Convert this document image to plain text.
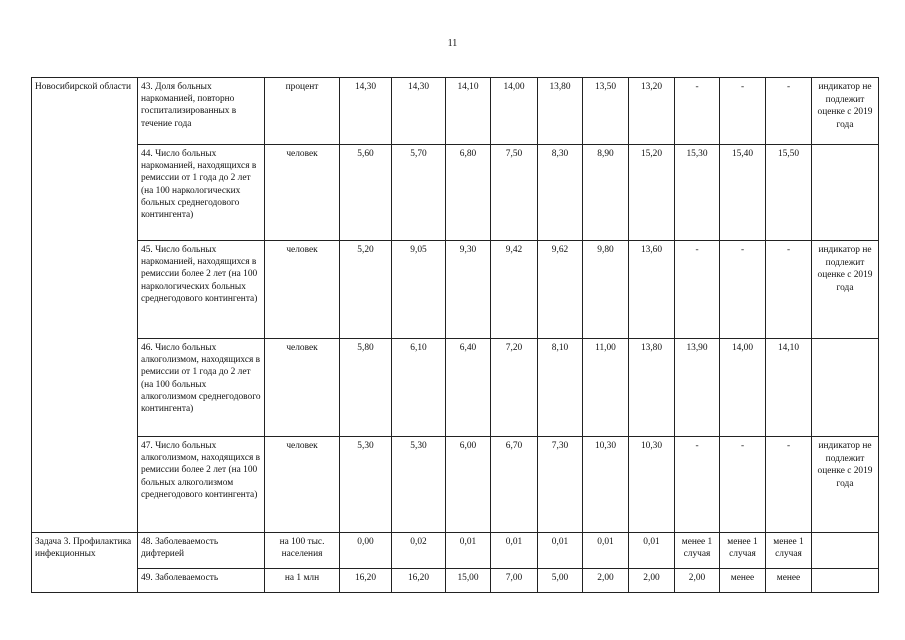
11
Новосибирской области	43. Доля больных наркоманией, повторно госпитализированных в течение года	процент	14,30	14,30	14,10	14,00	13,80	13,50	13,20	-	-	-	индикатор не подлежит оценке с 2019 года
	44. Число больных наркоманией, находящихся в ремиссии от 1 года до 2 лет (на 100 наркологических больных среднегодового контингента)	человек	5,60	5,70	6,80	7,50	8,30	8,90	15,20	15,30	15,40	15,50	
	45. Число больных наркоманией, находящихся в ремиссии более 2 лет (на 100 наркологических больных среднегодового контингента)	человек	5,20	9,05	9,30	9,42	9,62	9,80	13,60	-	-	-	индикатор не подлежит оценке с 2019 года
	46. Число больных алкоголизмом, находящихся в ремиссии от 1 года до 2 лет (на 100 больных алкоголизмом среднегодового контингента)	человек	5,80	6,10	6,40	7,20	8,10	11,00	13,80	13,90	14,00	14,10	
	47. Число больных алкоголизмом, находящихся в ремиссии более 2 лет (на 100 больных алкоголизмом среднегодового контингента)	человек	5,30	5,30	6,00	6,70	7,30	10,30	10,30	-	-	-	индикатор не подлежит оценке с 2019 года
Задача 3. Профилактика инфекционных	48. Заболеваемость дифтерией	на 100 тыс. населения	0,00	0,02	0,01	0,01	0,01	0,01	0,01	менее 1 случая	менее 1 случая	менее 1 случая	
	49. Заболеваемость	на 1 млн	16,20	16,20	15,00	7,00	5,00	2,00	2,00	2,00	менее	менее	
